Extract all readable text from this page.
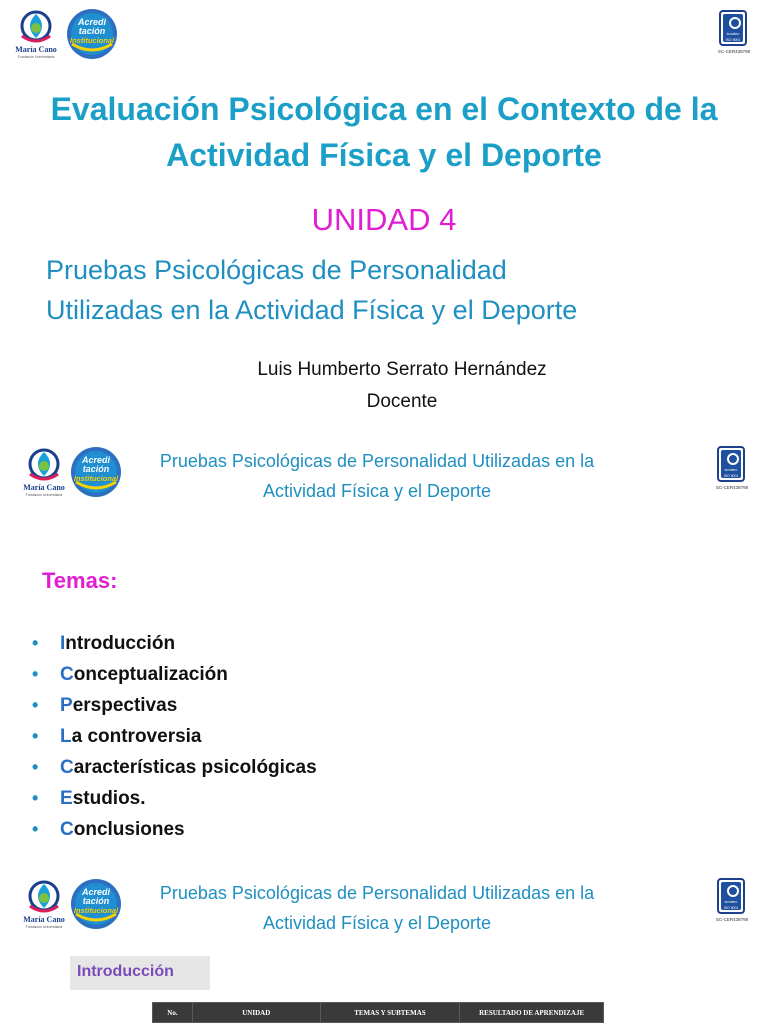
María Cano
Fundación Universitaria
Acredi
tación
Institucional
icontec
ISO 9001
SC-CER438798
Evaluación Psicológica en el Contexto de la Actividad Física y el Deporte
UNIDAD 4
Pruebas Psicológicas de Personalidad
Utilizadas en la Actividad Física y el Deporte
Luis Humberto Serrato Hernández
Docente
María Cano
Fundación Universitaria
Acredi
tación
Institucional
icontec
ISO 9001
SC-CER438798
Pruebas Psicológicas de Personalidad Utilizadas en la
Actividad Física y el Deporte
Temas:
•	I ntroducción
•	C onceptualización
•	P erspectivas
•	L a controversia
•	C aracterísticas psicológicas
•	E studios.
•	C onclusiones
María Cano
Fundación Universitaria
Acredi
tación
Institucional
icontec
ISO 9001
SC-CER438798
Pruebas Psicológicas de Personalidad Utilizadas en la
Actividad Física y el Deporte
Introducción
No.	UNIDAD	TEMAS Y SUBTEMAS	RESULTADO DE APRENDIZAJE
